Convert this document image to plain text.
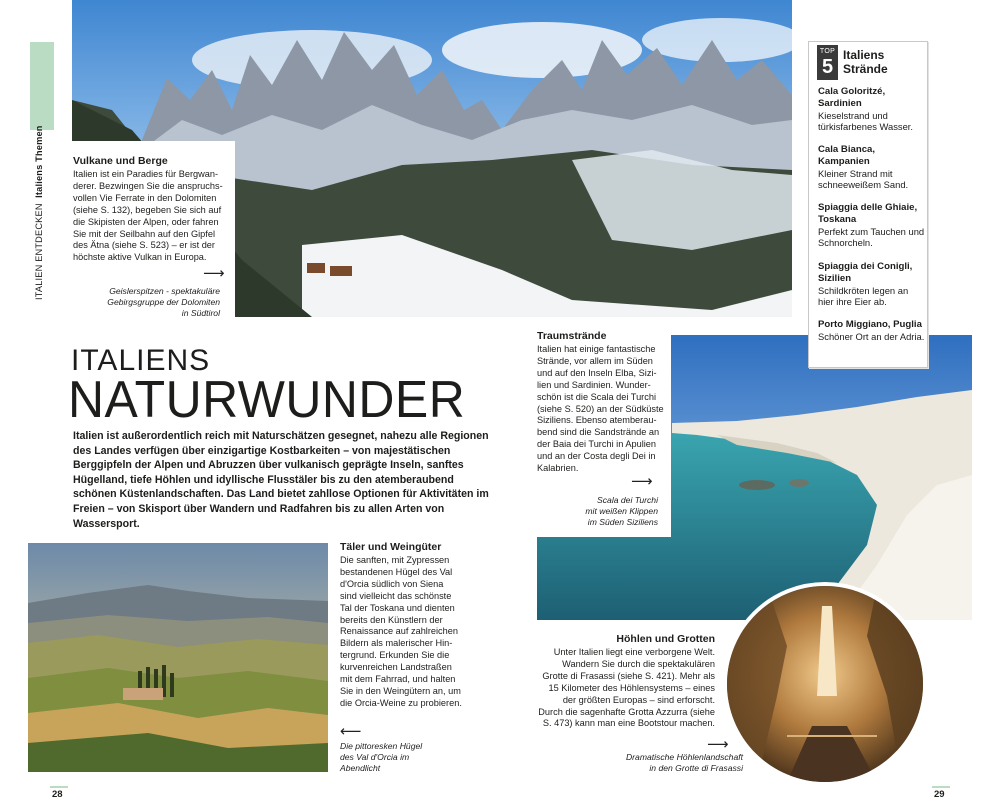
ITALIEN ENTDECKEN  Italiens Themen	Vulkane und Berge
Italien ist ein Paradies für Bergwan-
derer. Bezwingen Sie die anspruchs-
vollen Vie Ferrate in den Dolomiten
(siehe S. 132), begeben Sie sich auf
die Skipisten der Alpen, oder fahren
Sie mit der Seilbahn auf den Gipfel
des Ätna (siehe S. 523) – er ist der
höchste aktive Vulkan in Europa.
⟶
Geislerspitzen - spektakuläre
Gebirgsgruppe der Dolomiten
in Südtirol
ITALIENS
NATURWUNDER
Italien ist außerordentlich reich mit Naturschätzen gesegnet, nahezu alle Regionen des Landes verfügen über einzigartige Kostbarkeiten – von majestätischen Berggipfeln der Alpen und Abruzzen über vulkanisch geprägte Inseln, sanftes Hügelland, tiefe Höhlen und idyllische Flusstäler bis zu den atemberaubend schönen Küstenlandschaften. Das Land bietet zahllose Optionen für Aktivitäten im Freien – von Skisport über Wandern und Radfahren bis zu allen Arten von Wassersport.
Täler und Weingüter
Die sanften, mit Zypressen
bestandenen Hügel des Val
d'Orcia südlich von Siena
sind vielleicht das schönste
Tal der Toskana und dienten
bereits den Künstlern der
Renaissance auf zahlreichen
Bildern als malerischer Hin-
tergrund. Erkunden Sie die
kurvenreichen Landstraßen
mit dem Fahrrad, und halten
Sie in den Weingütern an, um
die Orcia-Weine zu probieren.
⟵
Die pittoresken Hügel
des Val d'Orcia im
Abendlicht
Traumstrände
Italien hat einige fantastische
Strände, vor allem im Süden
und auf den Inseln Elba, Sizi-
lien und Sardinien. Wunder-
schön ist die Scala dei Turchi
(siehe S. 520) an der Südküste
Siziliens. Ebenso atemberau-
bend sind die Sandstrände an
der Baia dei Turchi in Apulien
und an der Costa degli Dei in
Kalabrien.
⟶
Scala dei Turchi
mit weißen Klippen
im Süden Siziliens
TOP
5
Italiens
Strände
Cala Goloritzé, Sardinien
Kieselstrand und türkisfarbenes Wasser.
Cala Bianca, Kampanien
Kleiner Strand mit schneeweißem Sand.
Spiaggia delle Ghiaie, Toskana
Perfekt zum Tauchen und Schnorcheln.
Spiaggia dei Conigli, Sizilien
Schildkröten legen an hier ihre Eier ab.
Porto Miggiano, Puglia
Schöner Ort an der Adria.
Höhlen und Grotten
Unter Italien liegt eine verborgene Welt.
Wandern Sie durch die spektakulären
Grotte di Frasassi (siehe S. 421). Mehr als
15 Kilometer des Höhlensystems – eines
der größten Europas – sind erforscht.
Durch die sagenhafte Grotta Azzurra (siehe
S. 473) kann man eine Bootstour machen.
⟶
Dramatische Höhlenlandschaft
in den Grotte di Frasassi
28	29
